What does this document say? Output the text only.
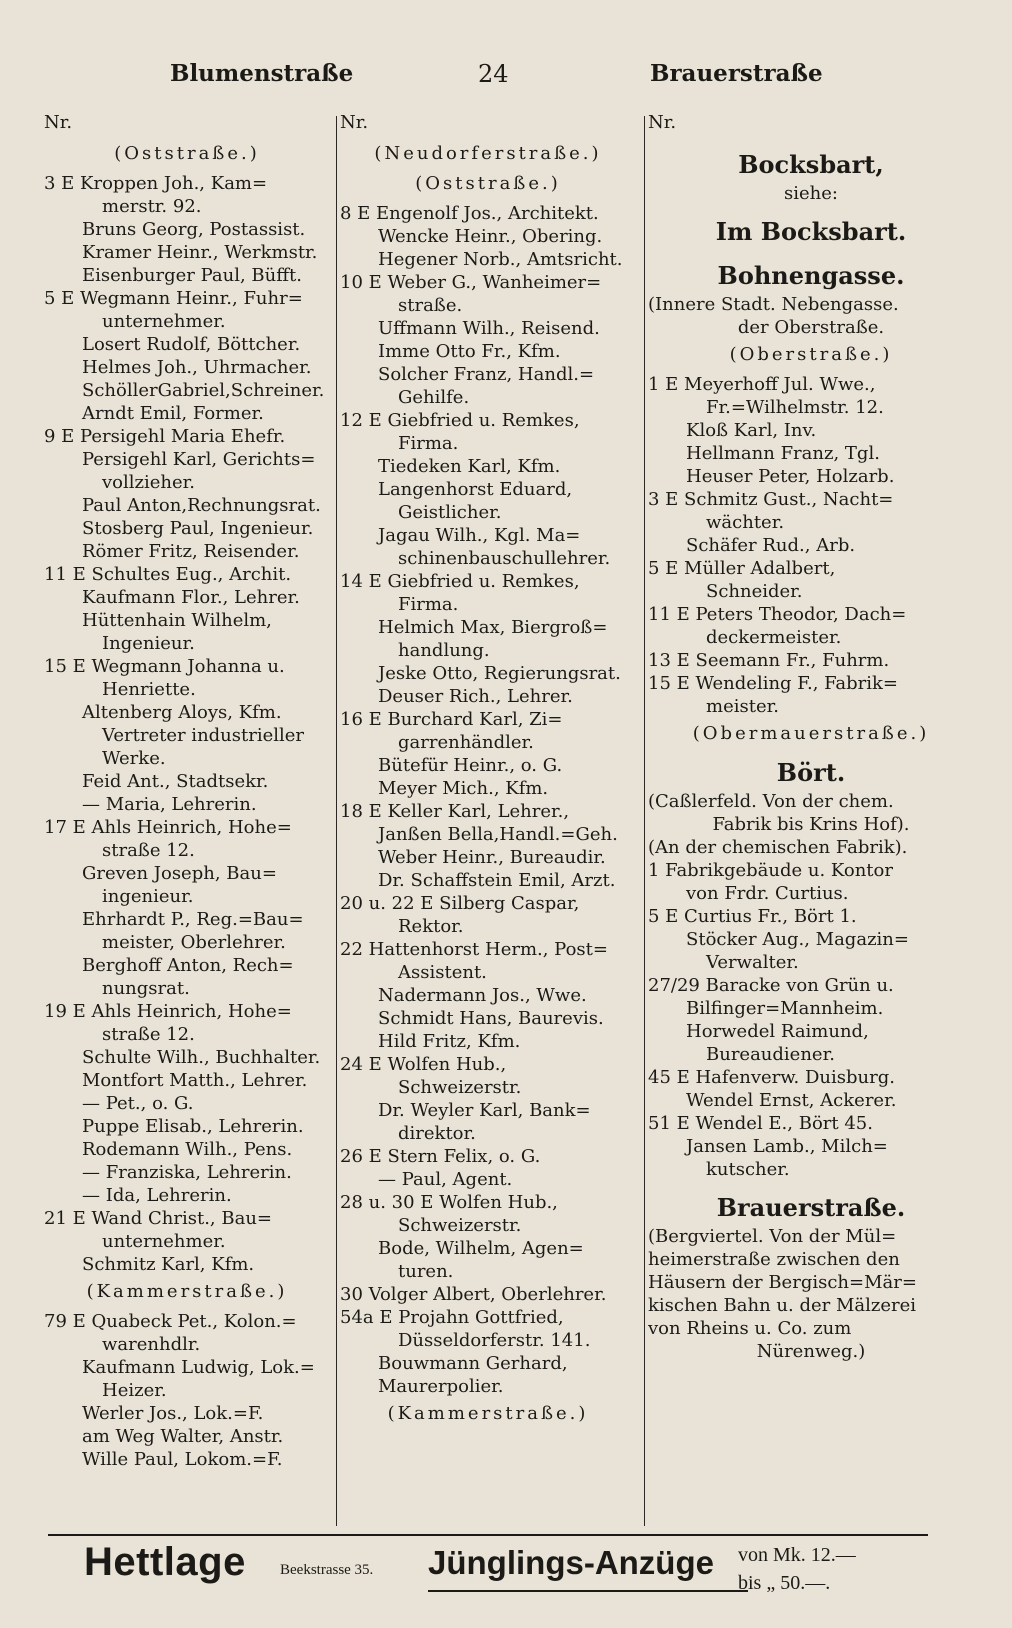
Blumenstraße	24	Brauerstraße
Nr.
(Oststraße.)
3 E Kroppen Joh., Kam=
merstr. 92.
Bruns Georg, Postassist.
Kramer Heinr., Werkmstr.
Eisenburger Paul, Büfft.
5 E Wegmann Heinr., Fuhr=
unternehmer.
Losert Rudolf, Böttcher.
Helmes Joh., Uhrmacher.
SchöllerGabriel,Schreiner.
Arndt Emil, Former.
9 E Persigehl Maria Ehefr.
Persigehl Karl, Gerichts=
vollzieher.
Paul Anton,Rechnungsrat.
Stosberg Paul, Ingenieur.
Römer Fritz, Reisender.
11 E Schultes Eug., Archit.
Kaufmann Flor., Lehrer.
Hüttenhain Wilhelm,
Ingenieur.
15 E Wegmann Johanna u.
Henriette.
Altenberg Aloys, Kfm.
Vertreter industrieller
Werke.
Feid Ant., Stadtsekr.
— Maria, Lehrerin.
17 E Ahls Heinrich, Hohe=
straße 12.
Greven Joseph, Bau=
ingenieur.
Ehrhardt P., Reg.=Bau=
meister, Oberlehrer.
Berghoff Anton, Rech=
nungsrat.
19 E Ahls Heinrich, Hohe=
straße 12.
Schulte Wilh., Buchhalter.
Montfort Matth., Lehrer.
— Pet., o. G.
Puppe Elisab., Lehrerin.
Rodemann Wilh., Pens.
— Franziska, Lehrerin.
— Ida, Lehrerin.
21 E Wand Christ., Bau=
unternehmer.
Schmitz Karl, Kfm.
(Kammerstraße.)
79 E Quabeck Pet., Kolon.=
warenhdlr.
Kaufmann Ludwig, Lok.=
Heizer.
Werler Jos., Lok.=F.
am Weg Walter, Anstr.
Wille Paul, Lokom.=F.
Nr.
(Neudorferstraße.)
(Oststraße.)
8 E Engenolf Jos., Architekt.
Wencke Heinr., Obering.
Hegener Norb., Amtsricht.
10 E Weber G., Wanheimer=
straße.
Uffmann Wilh., Reisend.
Imme Otto Fr., Kfm.
Solcher Franz, Handl.=
Gehilfe.
12 E Giebfried u. Remkes,
Firma.
Tiedeken Karl, Kfm.
Langenhorst Eduard,
Geistlicher.
Jagau Wilh., Kgl. Ma=
schinenbauschullehrer.
14 E Giebfried u. Remkes,
Firma.
Helmich Max, Biergroß=
handlung.
Jeske Otto, Regierungsrat.
Deuser Rich., Lehrer.
16 E Burchard Karl, Zi=
garrenhändler.
Bütefür Heinr., o. G.
Meyer Mich., Kfm.
18 E Keller Karl, Lehrer.,
Janßen Bella,Handl.=Geh.
Weber Heinr., Bureaudir.
Dr. Schaffstein Emil, Arzt.
20 u. 22 E Silberg Caspar,
Rektor.
22 Hattenhorst Herm., Post=
Assistent.
Nadermann Jos., Wwe.
Schmidt Hans, Baurevis.
Hild Fritz, Kfm.
24 E Wolfen Hub.,
Schweizerstr.
Dr. Weyler Karl, Bank=
direktor.
26 E Stern Felix, o. G.
— Paul, Agent.
28 u. 30 E Wolfen Hub.,
Schweizerstr.
Bode, Wilhelm, Agen=
turen.
30 Volger Albert, Oberlehrer.
54a E Projahn Gottfried,
Düsseldorferstr. 141.
Bouwmann Gerhard,
Maurerpolier.
(Kammerstraße.)
Nr.
Bocksbart,
siehe:
Im Bocksbart.
Bohnengasse.
(Innere Stadt. Nebengasse.
der Oberstraße.
(Oberstraße.)
1 E Meyerhoff Jul. Wwe.,
Fr.=Wilhelmstr. 12.
Kloß Karl, Inv.
Hellmann Franz, Tgl.
Heuser Peter, Holzarb.
3 E Schmitz Gust., Nacht=
wächter.
Schäfer Rud., Arb.
5 E Müller Adalbert,
Schneider.
11 E Peters Theodor, Dach=
deckermeister.
13 E Seemann Fr., Fuhrm.
15 E Wendeling F., Fabrik=
meister.
(Obermauerstraße.)
Bört.
(Caßlerfeld. Von der chem.
Fabrik bis Krins Hof).
(An der chemischen Fabrik).
1 Fabrikgebäude u. Kontor
von Frdr. Curtius.
5 E Curtius Fr., Bört 1.
Stöcker Aug., Magazin=
Verwalter.
27/29 Baracke von Grün u.
Bilfinger=Mannheim.
Horwedel Raimund,
Bureaudiener.
45 E Hafenverw. Duisburg.
Wendel Ernst, Ackerer.
51 E Wendel E., Bört 45.
Jansen Lamb., Milch=
kutscher.
Brauerstraße.
(Bergviertel. Von der Mül=
heimerstraße zwischen den
Häusern der Bergisch=Mär=
kischen Bahn u. der Mälzerei
von Rheins u. Co. zum
Nürenweg.)
Hettlage Beekstrasse 35. Jünglings-Anzüge von Mk. 12.—
bis „ 50.—.
